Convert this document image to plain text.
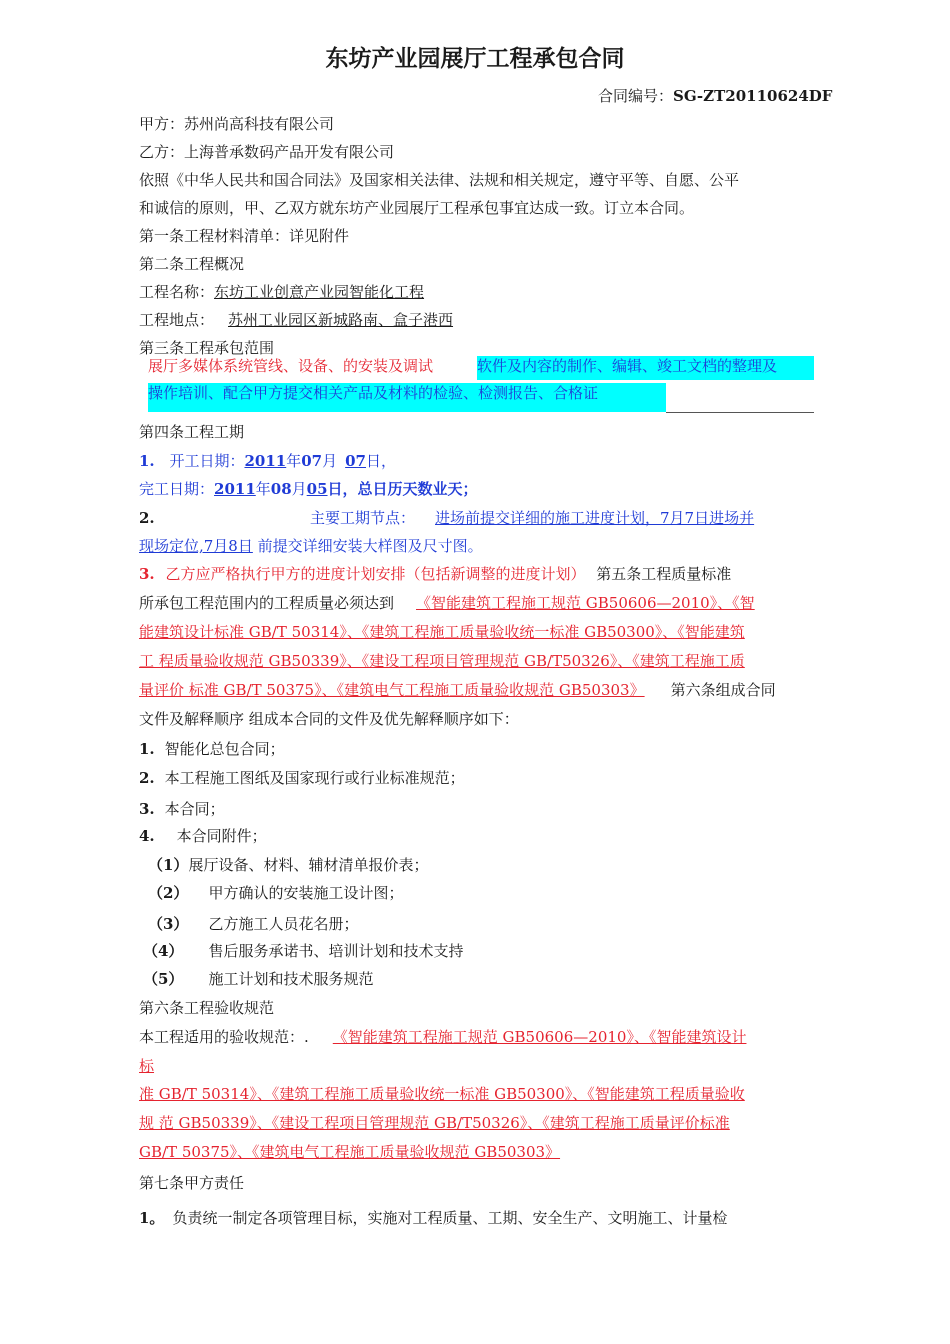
东坊产业园展厅工程承包合同
合同编号：SG-ZT20110624DF
甲方：苏州尚高科技有限公司
乙方：上海普承数码产品开发有限公司
依照《中华人民共和国合同法》及国家相关法律、法规和相关规定，遵守平等、自愿、公平
和诚信的原则，甲、乙双方就东坊产业园展厅工程承包事宜达成一致。订立本合同。
第一条工程材料清单：详见附件
第二条工程概况
工程名称：东坊工业创意产业园智能化工程
工程地点： 苏州工业园区新城路南、盒子港西
第三条工程承包范围
展厅多媒体系统管线、设备、的安装及调试	软件及内容的制作、编辑、竣工文档的整理及
操作培训、配合甲方提交相关产品及材料的检验、检测报告、合格证
第四条工程工期
1. 开工日期：2011年07月 07日，
完工日期：2011年08月05日，总日历天数业天；
2.	主要工期节点： 进场前提交详细的施工进度计划，7月7日进场并
现场定位,7月8日 前提交详细安装大样图及尺寸图。
3. 乙方应严格执行甲方的进度计划安排（包括新调整的进度计划） 第五条工程质量标准
所承包工程范围内的工程质量必须达到 《智能建筑工程施工规范 GB50606—2010》、《智
能建筑设计标准 GB/T 50314》、《建筑工程施工质量验收统一标准 GB50300》、《智能建筑
工 程质量验收规范 GB50339》、《建设工程项目管理规范 GB/T50326》、《建筑工程施工质
量评价 标准 GB/T 50375》、《建筑电气工程施工质量验收规范 GB50303》 第六条组成合同
文件及解释顺序 组成本合同的文件及优先解释顺序如下：
1. 智能化总包合同；
2. 本工程施工图纸及国家现行或行业标准规范；
3. 本合同；
4. 本合同附件；
（1）展厅设备、材料、辅材清单报价表；
（2） 甲方确认的安装施工设计图；
（3） 乙方施工人员花名册；
（4） 售后服务承诺书、培训计划和技术支持
（5） 施工计划和技术服务规范
第六条工程验收规范
本工程适用的验收规范：. 《智能建筑工程施工规范 GB50606—2010》、《智能建筑设计
标
准 GB/T 50314》、《建筑工程施工质量验收统一标准 GB50300》、《智能建筑工程质量验收
规 范 GB50339》、《建设工程项目管理规范 GB/T50326》、《建筑工程施工质量评价标准
GB/T 50375》、《建筑电气工程施工质量验收规范 GB50303》
第七条甲方责任
1。 负责统一制定各项管理目标，实施对工程质量、工期、安全生产、文明施工、计量检
